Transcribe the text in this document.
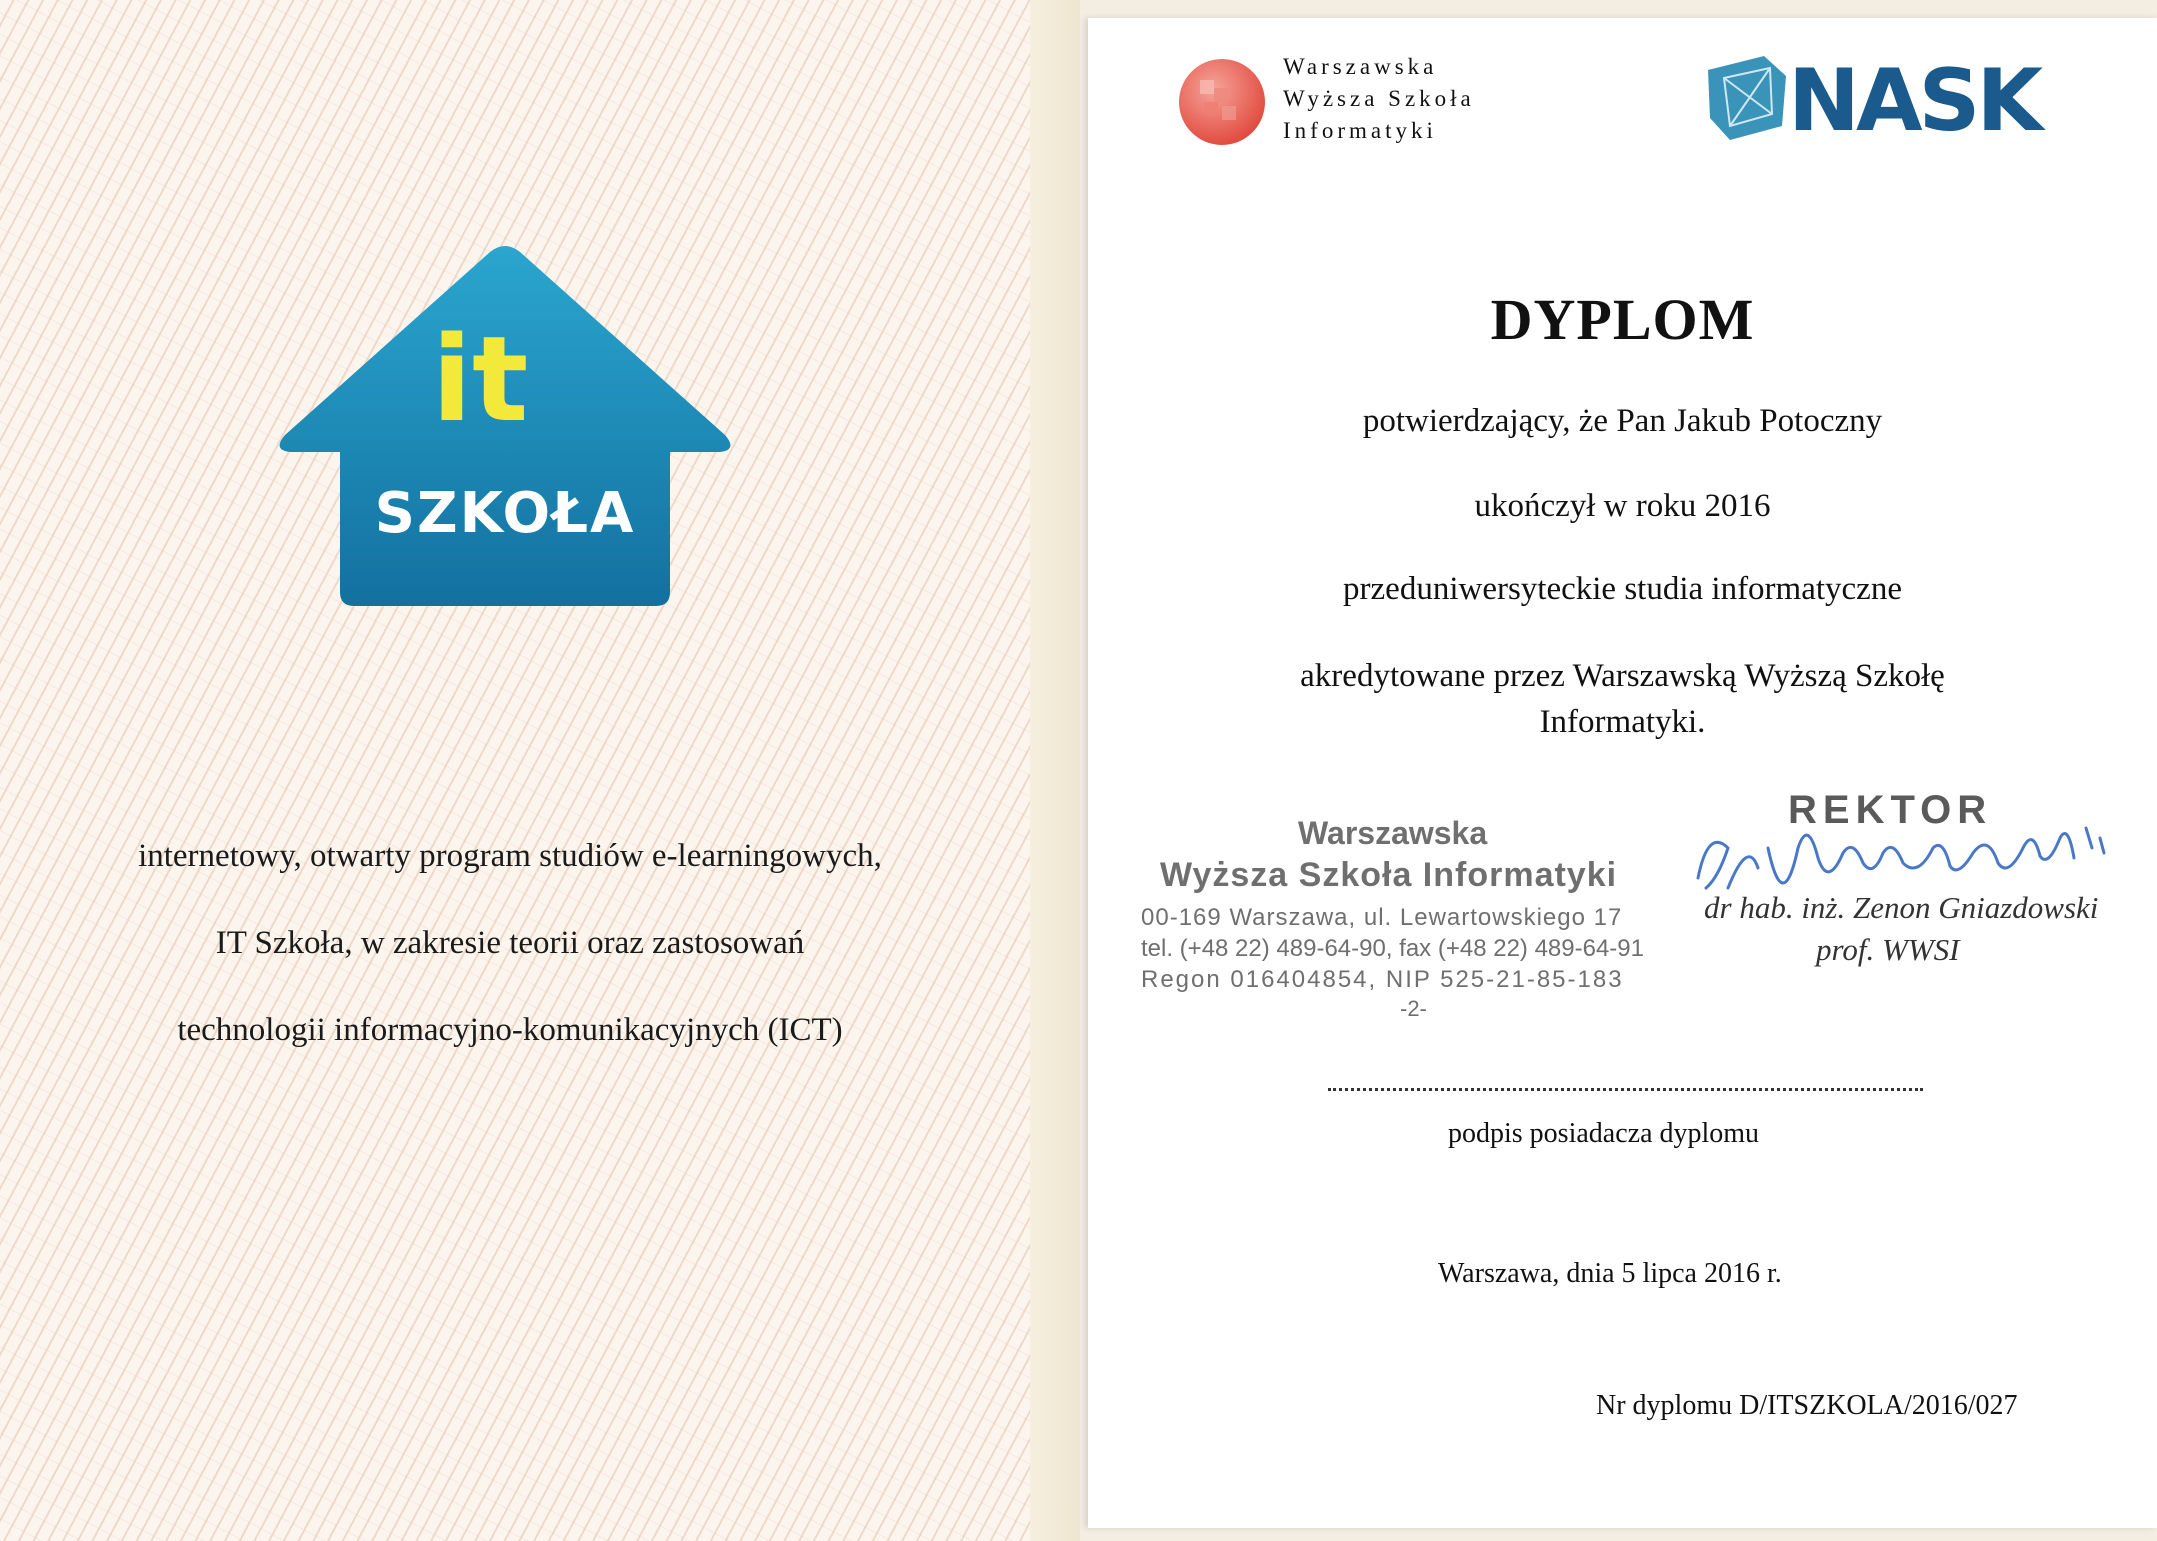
it
SZKOŁA
internetowy, otwarty program studiów e-learningowych,
IT Szkoła, w zakresie teorii oraz zastosowań
technologii informacyjno-komunikacyjnych (ICT)
Warszawska
Wyższa Szkoła
Informatyki	NASK
DYPLOM
potwierdzający, że Pan Jakub Potoczny
ukończył w roku 2016
przeduniwersyteckie studia informatyczne
akredytowane przez Warszawską Wyższą Szkołę
Informatyki.
Warszawska
Wyższa Szkoła Informatyki
00-169 Warszawa, ul. Lewartowskiego 17
tel. (+48 22) 489-64-90, fax (+48 22) 489-64-91
Regon 016404854, NIP 525-21-85-183
-2-
REKTOR
dr hab. inż. Zenon Gniazdowski
prof. WWSI
podpis posiadacza dyplomu
Warszawa, dnia 5 lipca 2016 r.
Nr dyplomu D/ITSZKOLA/2016/027
